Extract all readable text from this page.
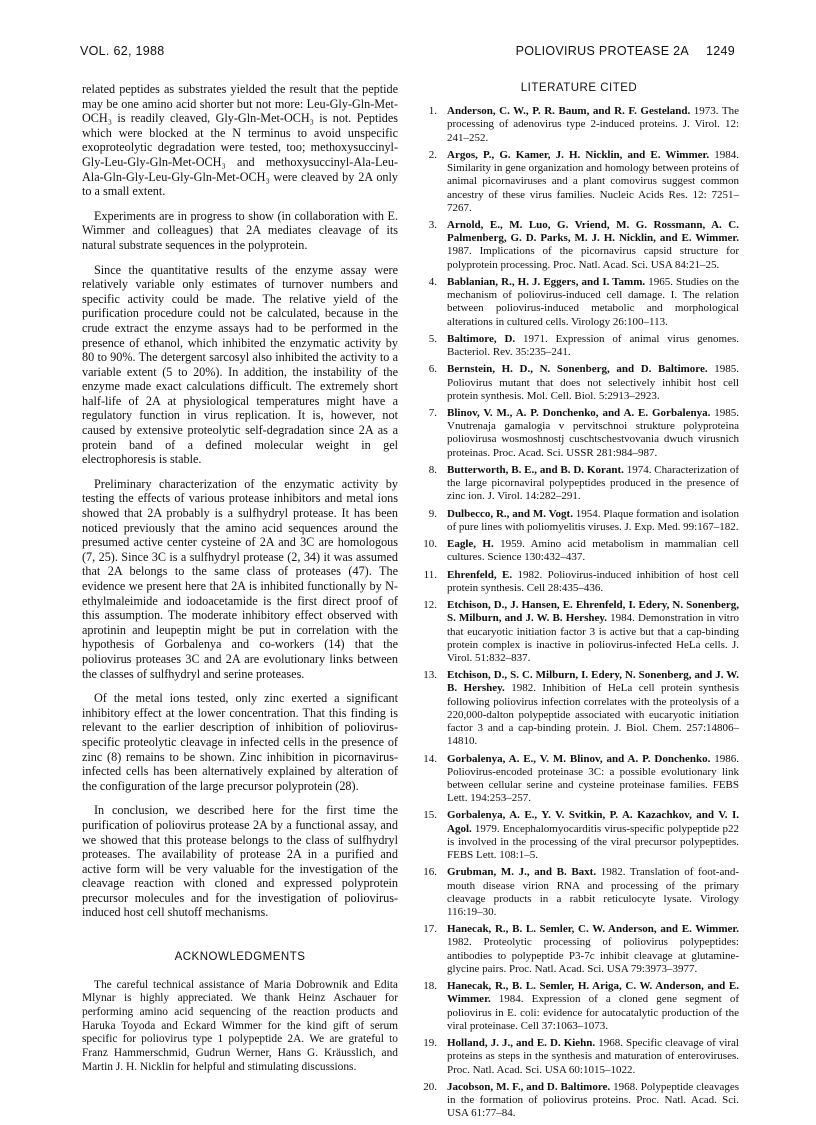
VOL. 62, 1988	POLIOVIRUS PROTEASE 2A 1249

related peptides as substrates yielded the result that the peptide may be one amino acid shorter but not more: Leu-Gly-Gln-Met-OCH₃ is readily cleaved, Gly-Gln-Met-OCH₃ is not. Peptides which were blocked at the N terminus to avoid unspecific exoproteolytic degradation were tested, too; methoxysuccinyl-Gly-Leu-Gly-Gln-Met-OCH₃ and methoxysuccinyl-Ala-Leu-Ala-Gln-Gly-Leu-Gly-Gln-Met-OCH₃ were cleaved by 2A only to a small extent.

Experiments are in progress to show (in collaboration with E. Wimmer and colleagues) that 2A mediates cleavage of its natural substrate sequences in the polyprotein.

Since the quantitative results of the enzyme assay were relatively variable only estimates of turnover numbers and specific activity could be made. The relative yield of the purification procedure could not be calculated, because in the crude extract the enzyme assays had to be performed in the presence of ethanol, which inhibited the enzymatic activity by 80 to 90%. The detergent sarcosyl also inhibited the activity to a variable extent (5 to 20%). In addition, the instability of the enzyme made exact calculations difficult. The extremely short half-life of 2A at physiological temperatures might have a regulatory function in virus replication. It is, however, not caused by extensive proteolytic self-degradation since 2A as a protein band of a defined molecular weight in gel electrophoresis is stable.

Preliminary characterization of the enzymatic activity by testing the effects of various protease inhibitors and metal ions showed that 2A probably is a sulfhydryl protease. It has been noticed previously that the amino acid sequences around the presumed active center cysteine of 2A and 3C are homologous (7, 25). Since 3C is a sulfhydryl protease (2, 34) it was assumed that 2A belongs to the same class of proteases (47). The evidence we present here that 2A is inhibited functionally by N-ethylmaleimide and iodoacetamide is the first direct proof of this assumption. The moderate inhibitory effect observed with aprotinin and leupeptin might be put in correlation with the hypothesis of Gorbalenya and co-workers (14) that the poliovirus proteases 3C and 2A are evolutionary links between the classes of sulfhydryl and serine proteases.

Of the metal ions tested, only zinc exerted a significant inhibitory effect at the lower concentration. That this finding is relevant to the earlier description of inhibition of poliovirus-specific proteolytic cleavage in infected cells in the presence of zinc (8) remains to be shown. Zinc inhibition in picornavirus-infected cells has been alternatively explained by alteration of the configuration of the large precursor polyprotein (28).

In conclusion, we described here for the first time the purification of poliovirus protease 2A by a functional assay, and we showed that this protease belongs to the class of sulfhydryl proteases. The availability of protease 2A in a purified and active form will be very valuable for the investigation of the cleavage reaction with cloned and expressed polyprotein precursor molecules and for the investigation of poliovirus-induced host cell shutoff mechanisms.

ACKNOWLEDGMENTS

The careful technical assistance of Maria Dobrownik and Edita Mlynar is highly appreciated. We thank Heinz Aschauer for performing amino acid sequencing of the reaction products and Haruka Toyoda and Eckard Wimmer for the kind gift of serum specific for poliovirus type 1 polypeptide 2A. We are grateful to Franz Hammerschmid, Gudrun Werner, Hans G. Kräusslich, and Martin J. H. Nicklin for helpful and stimulating discussions.

LITERATURE CITED
1. Anderson, C. W., P. R. Baum, and R. F. Gesteland. 1973. The processing of adenovirus type 2-induced proteins. J. Virol. 12: 241–252.
2. Argos, P., G. Kamer, J. H. Nicklin, and E. Wimmer. 1984. Similarity in gene organization and homology between proteins of animal picornaviruses and a plant comovirus suggest common ancestry of these virus families. Nucleic Acids Res. 12: 7251–7267.
3. Arnold, E., M. Luo, G. Vriend, M. G. Rossmann, A. C. Palmenberg, G. D. Parks, M. J. H. Nicklin, and E. Wimmer. 1987. Implications of the picornavirus capsid structure for polyprotein processing. Proc. Natl. Acad. Sci. USA 84:21–25.
4. Bablanian, R., H. J. Eggers, and I. Tamm. 1965. Studies on the mechanism of poliovirus-induced cell damage. I. The relation between poliovirus-induced metabolic and morphological alterations in cultured cells. Virology 26:100–113.
5. Baltimore, D. 1971. Expression of animal virus genomes. Bacteriol. Rev. 35:235–241.
6. Bernstein, H. D., N. Sonenberg, and D. Baltimore. 1985. Poliovirus mutant that does not selectively inhibit host cell protein synthesis. Mol. Cell. Biol. 5:2913–2923.
7. Blinov, V. M., A. P. Donchenko, and A. E. Gorbalenya. 1985. Vnutrenaja gamalogia v pervitschnoi strukture polyproteina poliovirusa wosmoshnostj cuschtschestvovania dwuch virusnich proteinas. Proc. Acad. Sci. USSR 281:984–987.
8. Butterworth, B. E., and B. D. Korant. 1974. Characterization of the large picornaviral polypeptides produced in the presence of zinc ion. J. Virol. 14:282–291.
9. Dulbecco, R., and M. Vogt. 1954. Plaque formation and isolation of pure lines with poliomyelitis viruses. J. Exp. Med. 99:167–182.
10. Eagle, H. 1959. Amino acid metabolism in mammalian cell cultures. Science 130:432–437.
11. Ehrenfeld, E. 1982. Poliovirus-induced inhibition of host cell protein synthesis. Cell 28:435–436.
12. Etchison, D., J. Hansen, E. Ehrenfeld, I. Edery, N. Sonenberg, S. Milburn, and J. W. B. Hershey. 1984. Demonstration in vitro that eucaryotic initiation factor 3 is active but that a cap-binding protein complex is inactive in poliovirus-infected HeLa cells. J. Virol. 51:832–837.
13. Etchison, D., S. C. Milburn, I. Edery, N. Sonenberg, and J. W. B. Hershey. 1982. Inhibition of HeLa cell protein synthesis following poliovirus infection correlates with the proteolysis of a 220,000-dalton polypeptide associated with eucaryotic initiation factor 3 and a cap-binding protein. J. Biol. Chem. 257:14806–14810.
14. Gorbalenya, A. E., V. M. Blinov, and A. P. Donchenko. 1986. Poliovirus-encoded proteinase 3C: a possible evolutionary link between cellular serine and cysteine proteinase families. FEBS Lett. 194:253–257.
15. Gorbalenya, A. E., Y. V. Svitkin, P. A. Kazachkov, and V. I. Agol. 1979. Encephalomyocarditis virus-specific polypeptide p22 is involved in the processing of the viral precursor polypeptides. FEBS Lett. 108:1–5.
16. Grubman, M. J., and B. Baxt. 1982. Translation of foot-and-mouth disease virion RNA and processing of the primary cleavage products in a rabbit reticulocyte lysate. Virology 116:19–30.
17. Hanecak, R., B. L. Semler, C. W. Anderson, and E. Wimmer. 1982. Proteolytic processing of poliovirus polypeptides: antibodies to polypeptide P3-7c inhibit cleavage at glutamine-glycine pairs. Proc. Natl. Acad. Sci. USA 79:3973–3977.
18. Hanecak, R., B. L. Semler, H. Ariga, C. W. Anderson, and E. Wimmer. 1984. Expression of a cloned gene segment of poliovirus in E. coli: evidence for autocatalytic production of the viral proteinase. Cell 37:1063–1073.
19. Holland, J. J., and E. D. Kiehn. 1968. Specific cleavage of viral proteins as steps in the synthesis and maturation of enteroviruses. Proc. Natl. Acad. Sci. USA 60:1015–1022.
20. Jacobson, M. F., and D. Baltimore. 1968. Polypeptide cleavages in the formation of poliovirus proteins. Proc. Natl. Acad. Sci. USA 61:77–84.
